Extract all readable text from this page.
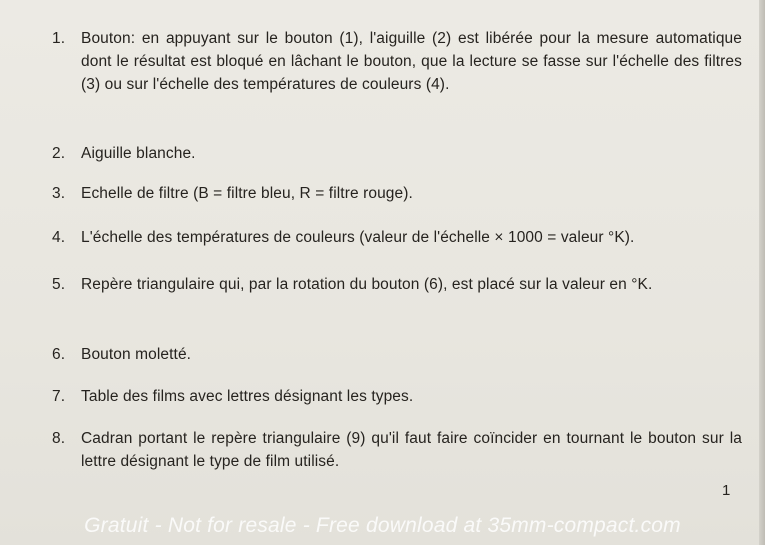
1.	Bouton: en appuyant sur le bouton (1), l'aiguille (2) est libérée pour la mesure automatique dont le résultat est bloqué en lâchant le bouton, que la lecture se fasse sur l'échelle des filtres (3) ou sur l'échelle des températures de couleurs (4).
2.	Aiguille blanche.
3.	Echelle de filtre (B = filtre bleu, R = filtre rouge).
4.	L'échelle des températures de couleurs (valeur de l'échelle × 1000 = valeur °K).
5.	Repère triangulaire qui, par la rotation du bouton (6), est placé sur la valeur en °K.
6.	Bouton moletté.
7.	Table des films avec lettres désignant les types.
8.	Cadran portant le repère triangulaire (9) qu'il faut faire coïncider en tournant le bouton sur la lettre désignant le type de film utilisé.
1
Gratuit - Not for resale - Free download at 35mm-compact.com
